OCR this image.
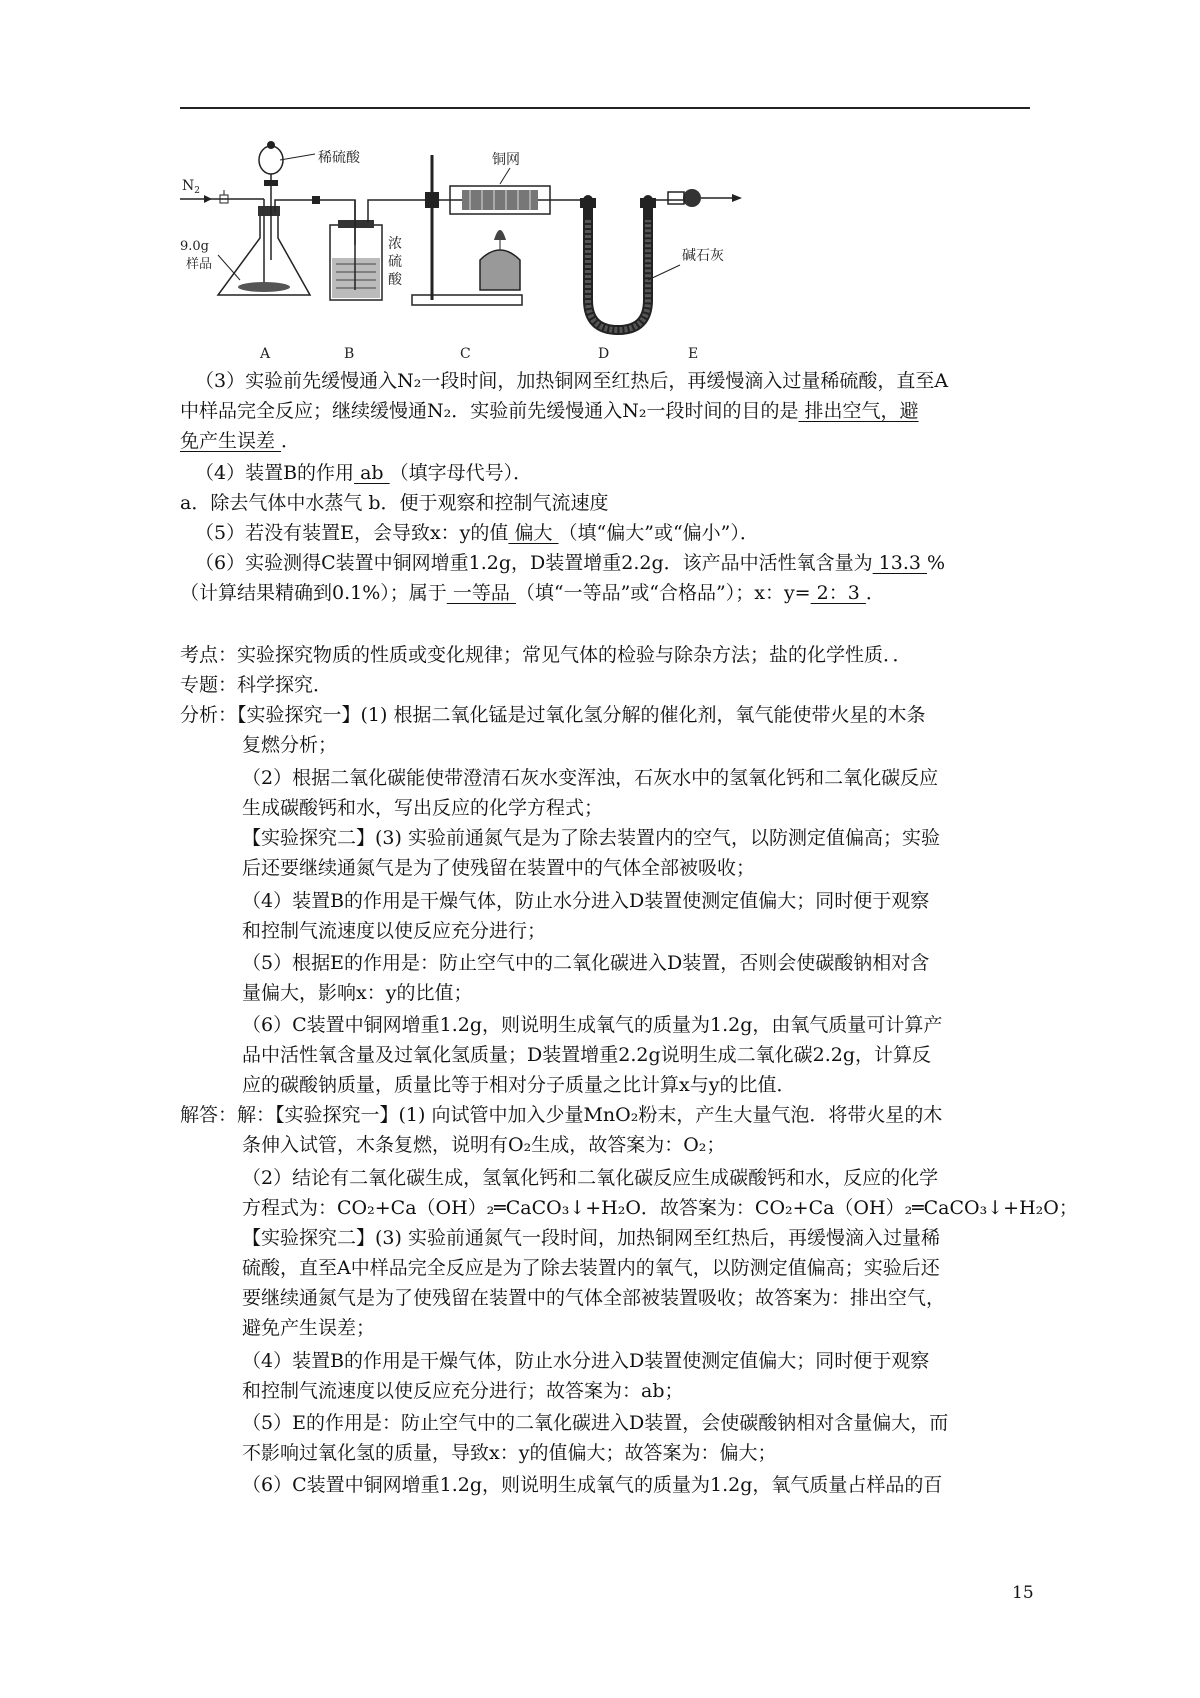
$N_2$
稀硫酸
9.0g
样品
浓
硫
酸
铜网
碱石灰
A	B	C	D	E
（3）实验前先缓慢通入N₂一段时间，加热铜网至红热后，再缓慢滴入过量稀硫酸，直至A
中样品完全反应；继续缓慢通N₂．实验前先缓慢通入N₂一段时间的目的是 排出空气，避
免产生误差 ．
（4）装置B的作用 ab （填字母代号）．
a．除去气体中水蒸气 b．便于观察和控制气流速度
（5）若没有装置E，会导致x：y的值 偏大 （填“偏大”或“偏小”）．
（6）实验测得C装置中铜网增重1.2g，D装置增重2.2g．该产品中活性氧含量为 13.3 %
（计算结果精确到0.1%）；属于 一等品 （填“一等品”或“合格品”）；x：y= 2：3 ．
考点：实验探究物质的性质或变化规律；常见气体的检验与除杂方法；盐的化学性质．．
专题：科学探究．
分析：【实验探究一】(1) 根据二氧化锰是过氧化氢分解的催化剂，氧气能使带火星的木条
复燃分析；
（2）根据二氧化碳能使带澄清石灰水变浑浊，石灰水中的氢氧化钙和二氧化碳反应
生成碳酸钙和水，写出反应的化学方程式；
【实验探究二】(3) 实验前通氮气是为了除去装置内的空气，以防测定值偏高；实验
后还要继续通氮气是为了使残留在装置中的气体全部被吸收；
（4）装置B的作用是干燥气体，防止水分进入D装置使测定值偏大；同时便于观察
和控制气流速度以使反应充分进行；
（5）根据E的作用是：防止空气中的二氧化碳进入D装置，否则会使碳酸钠相对含
量偏大，影响x：y的比值；
（6）C装置中铜网增重1.2g，则说明生成氧气的质量为1.2g，由氧气质量可计算产
品中活性氧含量及过氧化氢质量；D装置增重2.2g说明生成二氧化碳2.2g，计算反
应的碳酸钠质量，质量比等于相对分子质量之比计算x与y的比值．
解答：解：【实验探究一】(1) 向试管中加入少量MnO₂粉末，产生大量气泡．将带火星的木
条伸入试管，木条复燃，说明有O₂生成，故答案为：O₂；
（2）结论有二氧化碳生成，氢氧化钙和二氧化碳反应生成碳酸钙和水，反应的化学
方程式为：CO₂+Ca（OH）₂═CaCO₃↓+H₂O．故答案为：CO₂+Ca（OH）₂═CaCO₃↓+H₂O；
【实验探究二】(3) 实验前通氮气一段时间，加热铜网至红热后，再缓慢滴入过量稀
硫酸，直至A中样品完全反应是为了除去装置内的氧气，以防测定值偏高；实验后还
要继续通氮气是为了使残留在装置中的气体全部被装置吸收；故答案为：排出空气，
避免产生误差；
（4）装置B的作用是干燥气体，防止水分进入D装置使测定值偏大；同时便于观察
和控制气流速度以使反应充分进行；故答案为：ab；
（5）E的作用是：防止空气中的二氧化碳进入D装置，会使碳酸钠相对含量偏大，而
不影响过氧化氢的质量，导致x：y的值偏大；故答案为：偏大；
（6）C装置中铜网增重1.2g，则说明生成氧气的质量为1.2g，氧气质量占样品的百
15
